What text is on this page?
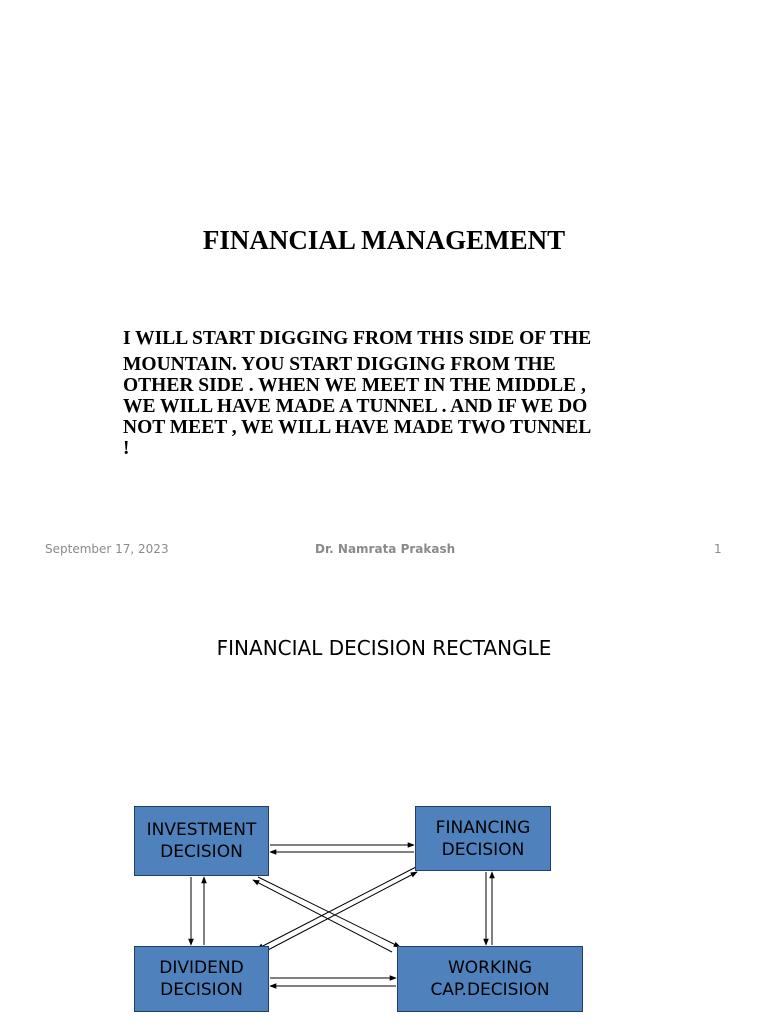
FINANCIAL MANAGEMENT
I WILL START DIGGING FROM THIS SIDE OF THE
MOUNTAIN. YOU START DIGGING FROM THE
OTHER SIDE . WHEN WE MEET IN THE MIDDLE ,
WE WILL HAVE MADE A TUNNEL . AND IF WE DO
NOT MEET , WE WILL HAVE MADE TWO TUNNEL
!
September 17, 2023	Dr. Namrata Prakash	1
FINANCIAL DECISION RECTANGLE
INVESTMENT
DECISION
FINANCING
DECISION
DIVIDEND
DECISION
WORKING
CAP.DECISION
